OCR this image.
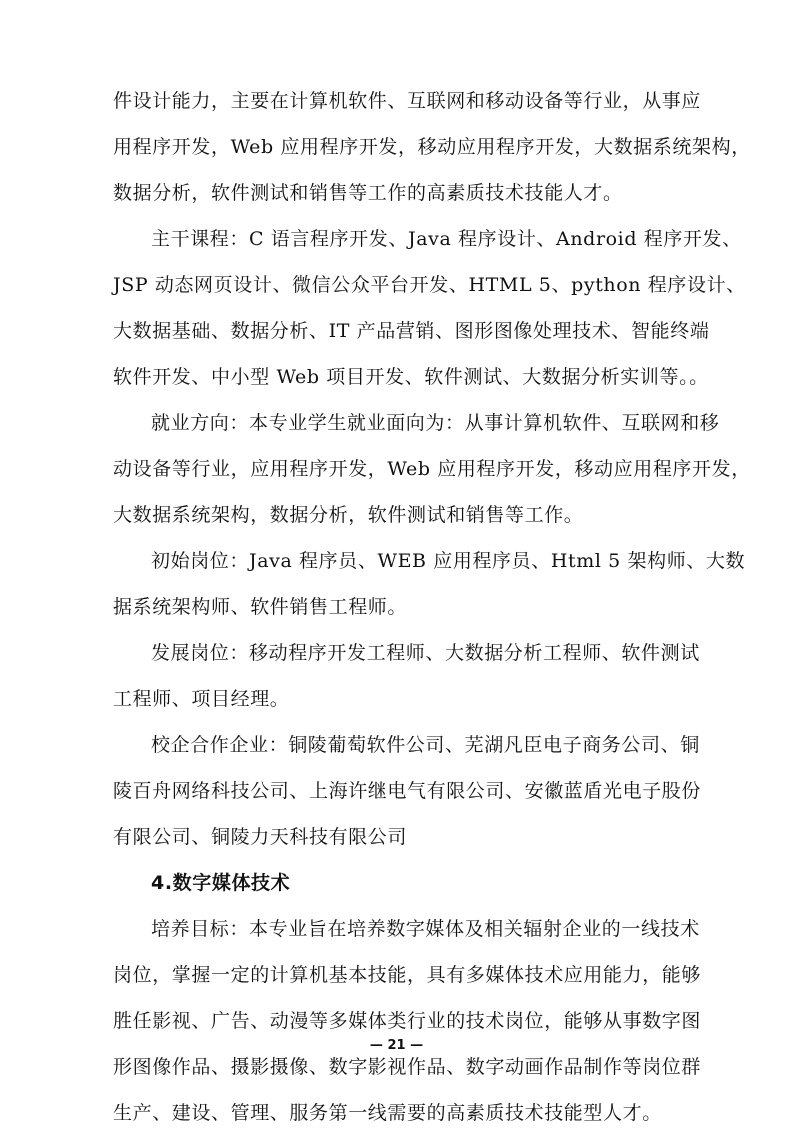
件设计能力，主要在计算机软件、互联网和移动设备等行业，从事应
用程序开发，Web 应用程序开发，移动应用程序开发，大数据系统架构，
数据分析，软件测试和销售等工作的高素质技术技能人才。
主干课程：C 语言程序开发、Java 程序设计、Android 程序开发、
JSP 动态网页设计、微信公众平台开发、HTML 5、python 程序设计、
大数据基础、数据分析、IT 产品营销、图形图像处理技术、智能终端
软件开发、中小型 Web 项目开发、软件测试、大数据分析实训等。。
就业方向：本专业学生就业面向为：从事计算机软件、互联网和移
动设备等行业，应用程序开发，Web 应用程序开发，移动应用程序开发，
大数据系统架构，数据分析，软件测试和销售等工作。
初始岗位：Java 程序员、WEB 应用程序员、Html 5 架构师、大数
据系统架构师、软件销售工程师。
发展岗位：移动程序开发工程师、大数据分析工程师、软件测试
工程师、项目经理。
校企合作企业：铜陵葡萄软件公司、芜湖凡臣电子商务公司、铜
陵百舟网络科技公司、上海许继电气有限公司、安徽蓝盾光电子股份
有限公司、铜陵力天科技有限公司
4.数字媒体技术
培养目标：本专业旨在培养数字媒体及相关辐射企业的一线技术
岗位，掌握一定的计算机基本技能，具有多媒体技术应用能力，能够
胜任影视、广告、动漫等多媒体类行业的技术岗位，能够从事数字图
形图像作品、摄影摄像、数字影视作品、数字动画作品制作等岗位群
生产、建设、管理、服务第一线需要的高素质技术技能型人才。
— 21 —
